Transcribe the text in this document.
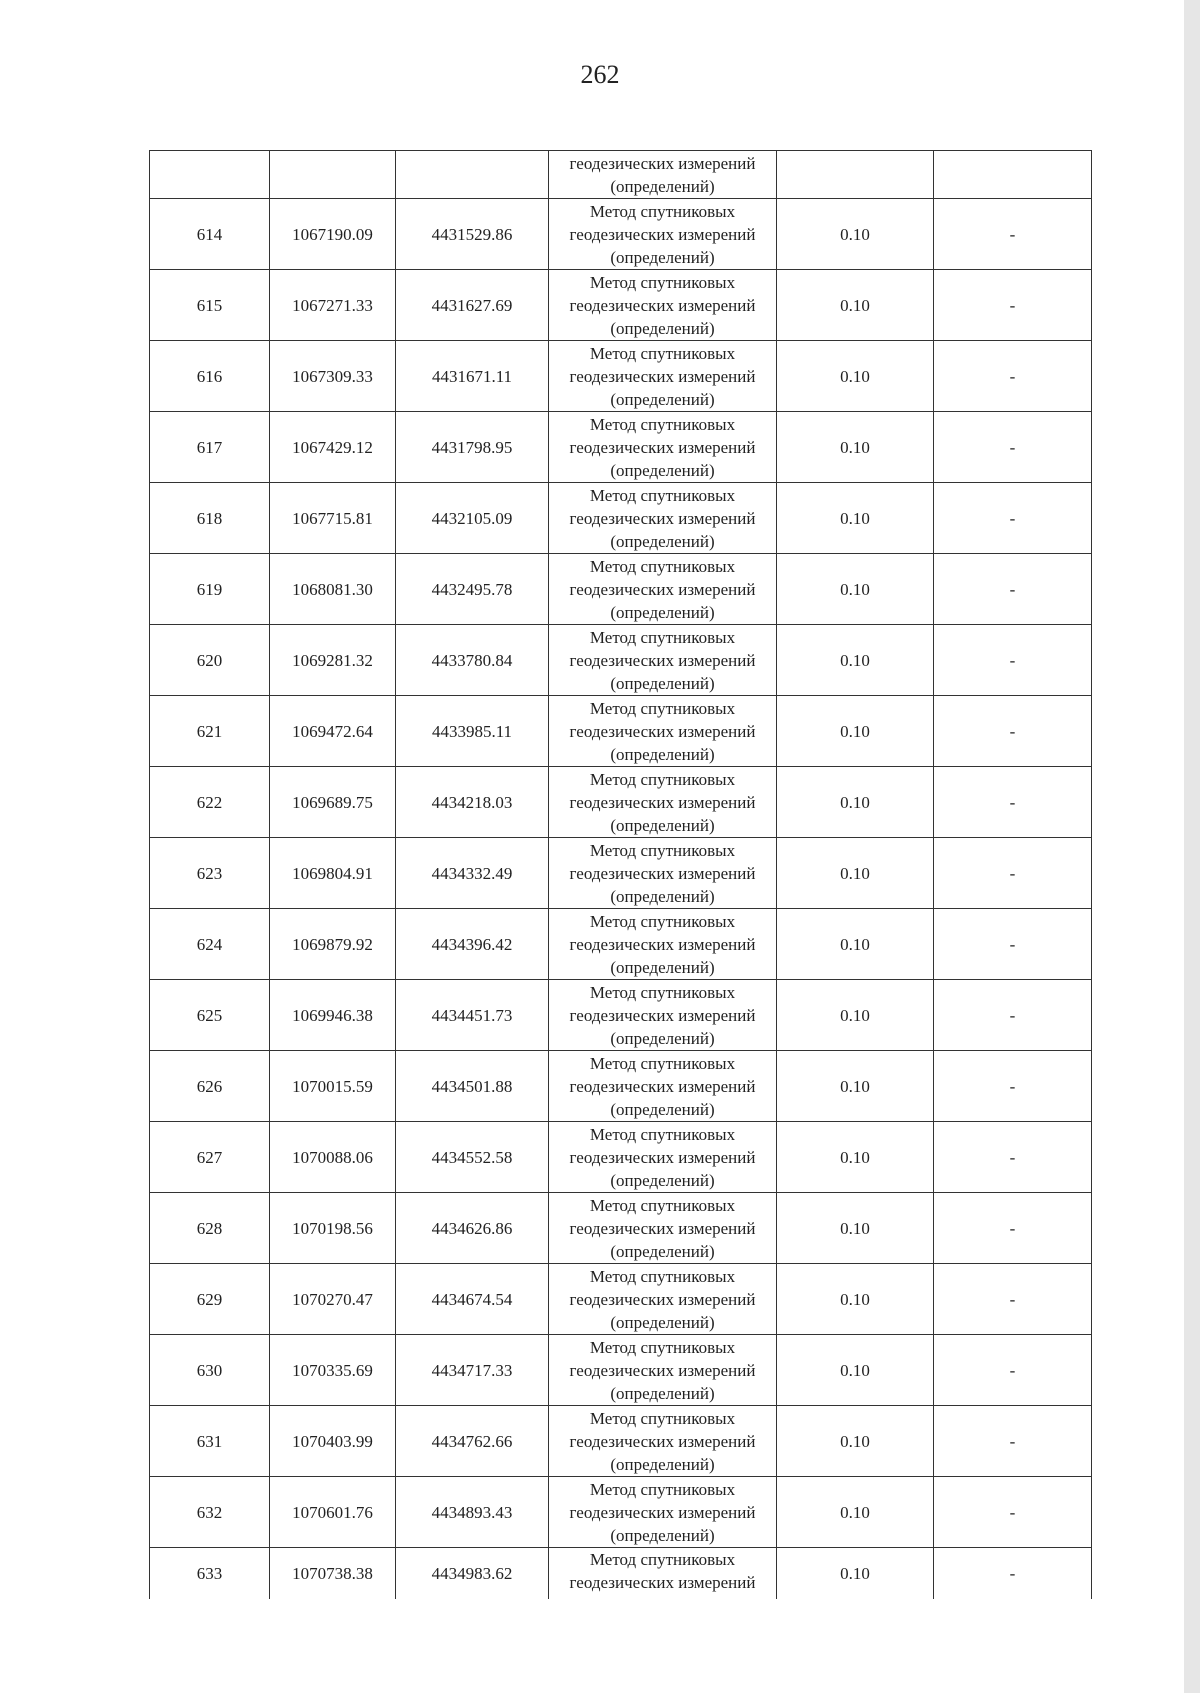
262

			геодезических измерений
(определений)		

614	1067190.09	4431529.86	Метод спутниковых
геодезических измерений
(определений)	0.10	-
615	1067271.33	4431627.69	Метод спутниковых
геодезических измерений
(определений)	0.10	-
616	1067309.33	4431671.11	Метод спутниковых
геодезических измерений
(определений)	0.10	-
617	1067429.12	4431798.95	Метод спутниковых
геодезических измерений
(определений)	0.10	-
618	1067715.81	4432105.09	Метод спутниковых
геодезических измерений
(определений)	0.10	-
619	1068081.30	4432495.78	Метод спутниковых
геодезических измерений
(определений)	0.10	-
620	1069281.32	4433780.84	Метод спутниковых
геодезических измерений
(определений)	0.10	-
621	1069472.64	4433985.11	Метод спутниковых
геодезических измерений
(определений)	0.10	-
622	1069689.75	4434218.03	Метод спутниковых
геодезических измерений
(определений)	0.10	-
623	1069804.91	4434332.49	Метод спутниковых
геодезических измерений
(определений)	0.10	-
624	1069879.92	4434396.42	Метод спутниковых
геодезических измерений
(определений)	0.10	-
625	1069946.38	4434451.73	Метод спутниковых
геодезических измерений
(определений)	0.10	-
626	1070015.59	4434501.88	Метод спутниковых
геодезических измерений
(определений)	0.10	-
627	1070088.06	4434552.58	Метод спутниковых
геодезических измерений
(определений)	0.10	-
628	1070198.56	4434626.86	Метод спутниковых
геодезических измерений
(определений)	0.10	-
629	1070270.47	4434674.54	Метод спутниковых
геодезических измерений
(определений)	0.10	-
630	1070335.69	4434717.33	Метод спутниковых
геодезических измерений
(определений)	0.10	-
631	1070403.99	4434762.66	Метод спутниковых
геодезических измерений
(определений)	0.10	-
632	1070601.76	4434893.43	Метод спутниковых
геодезических измерений
(определений)	0.10	-
633	1070738.38	4434983.62	Метод спутниковых
геодезических измерений	0.10	-
